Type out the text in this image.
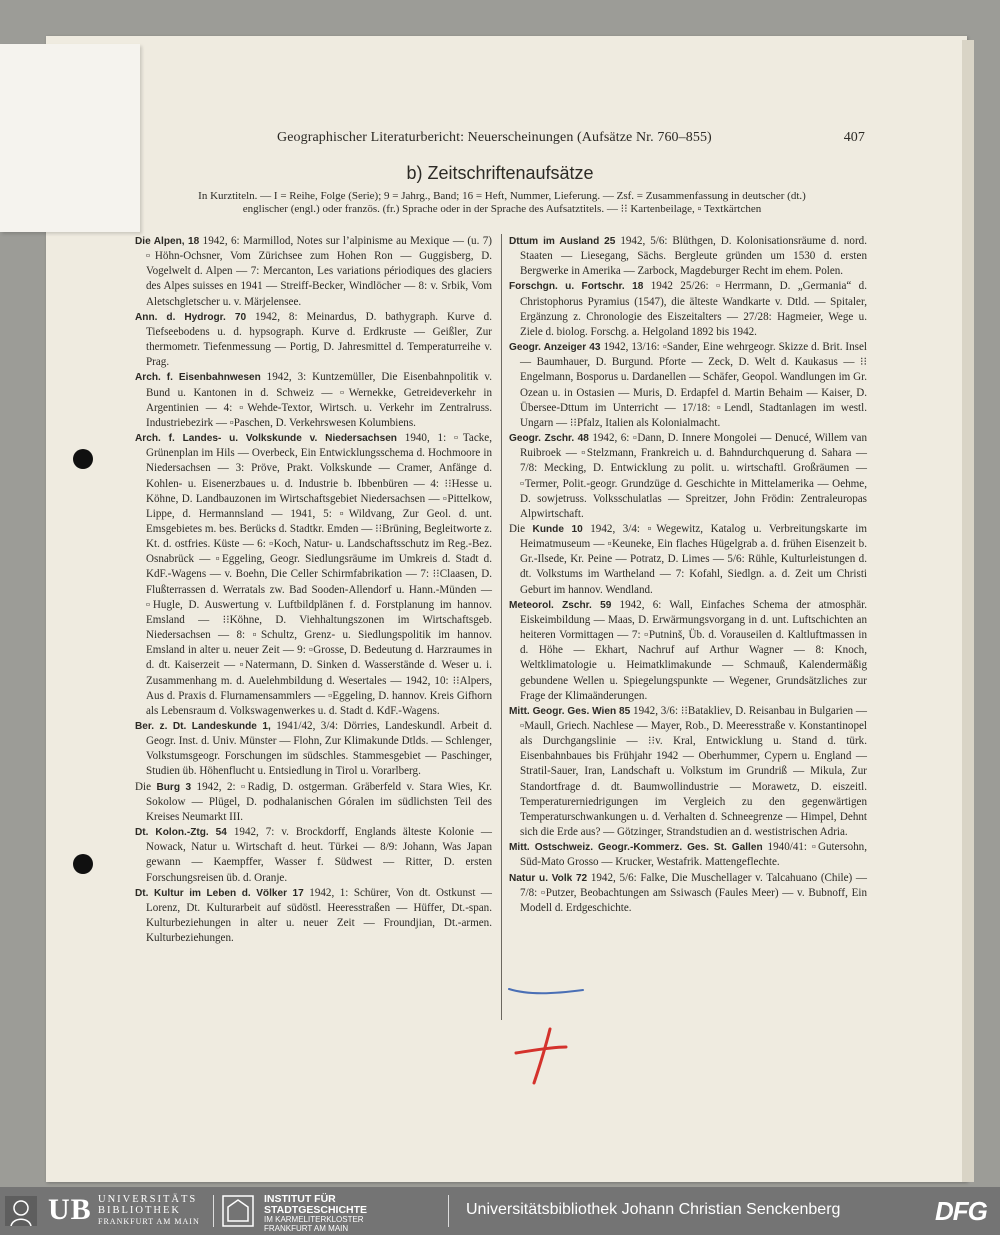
Geographischer Literaturbericht: Neuerscheinungen (Aufsätze Nr. 760–855)	407
b) Zeitschriftenaufsätze
In Kurztiteln. — I = Reihe, Folge (Serie); 9 = Jahrg., Band; 16 = Heft, Nummer, Lieferung. — Zsf. = Zusammenfassung in deutscher (dt.)
englischer (engl.) oder französ. (fr.) Sprache oder in der Sprache des Aufsatztitels. — ⁝⁝ Kartenbeilage, ▫ Textkärtchen

Die Alpen, 18 1942, 6: Marmillod, Notes sur l’alpinisme au Mexique — (u. 7) ▫Höhn-Ochsner, Vom Zürichsee zum Hohen Ron — Guggisberg, D. Vogelwelt d. Alpen — 7: Mercanton, Les variations périodiques des glaciers des Alpes suisses en 1941 — Streiff-Becker, Windlöcher — 8: v. Srbik, Vom Aletschgletscher u. v. Märjelensee.

Ann. d. Hydrogr. 70 1942, 8: Meinardus, D. bathygraph. Kurve d. Tiefseebodens u. d. hypsograph. Kurve d. Erdkruste — Geißler, Zur thermometr. Tiefenmessung — Portig, D. Jahresmittel d. Temperaturreihe v. Prag.

Arch. f. Eisenbahnwesen 1942, 3: Kuntzemüller, Die Eisenbahnpolitik v. Bund u. Kantonen in d. Schweiz — ▫Wernekke, Getreideverkehr in Argentinien — 4: ▫Wehde-Textor, Wirtsch. u. Verkehr im Zentralruss. Industriebezirk — ▫Paschen, D. Verkehrswesen Kolumbiens.

Arch. f. Landes- u. Volkskunde v. Niedersachsen 1940, 1: ▫Tacke, Grünenplan im Hils — Overbeck, Ein Entwicklungsschema d. Hochmoore in Niedersachsen — 3: Pröve, Prakt. Volkskunde — Cramer, Anfänge d. Kohlen- u. Eisenerzbaues u. d. Industrie b. Ibbenbüren — 4: ⁝⁝Hesse u. Köhne, D. Landbauzonen im Wirtschaftsgebiet Niedersachsen — ▫Pittelkow, Lippe, d. Hermannsland — 1941, 5: ▫Wildvang, Zur Geol. d. unt. Emsgebietes m. bes. Berücks d. Stadtkr. Emden — ⁝⁝Brüning, Begleitworte z. Kt. d. ostfries. Küste — 6: ▫Koch, Natur- u. Landschaftsschutz im Reg.-Bez. Osnabrück — ▫Eggeling, Geogr. Siedlungsräume im Umkreis d. Stadt d. KdF.-Wagens — v. Boehn, Die Celler Schirmfabrikation — 7: ⁝⁝Claasen, D. Flußterrassen d. Werratals zw. Bad Sooden-Allendorf u. Hann.-Münden — ▫Hugle, D. Auswertung v. Luftbildplänen f. d. Forstplanung im hannov. Emsland — ⁝⁝Köhne, D. Viehhaltungszonen im Wirtschaftsgeb. Niedersachsen — 8: ▫Schultz, Grenz- u. Siedlungspolitik im hannov. Emsland in alter u. neuer Zeit — 9: ▫Grosse, D. Bedeutung d. Harzraumes in d. dt. Kaiserzeit — ▫Natermann, D. Sinken d. Wasserstände d. Weser u. i. Zusammenhang m. d. Auelehmbildung d. Wesertales — 1942, 10: ⁝⁝Alpers, Aus d. Praxis d. Flurnamensammlers — ▫Eggeling, D. hannov. Kreis Gifhorn als Lebensraum d. Volkswagenwerkes u. d. Stadt d. KdF.-Wagens.

Ber. z. Dt. Landeskunde 1, 1941/42, 3/4: Dörries, Landeskundl. Arbeit d. Geogr. Inst. d. Univ. Münster — Flohn, Zur Klimakunde Dtlds. — Schlenger, Volkstumsgeogr. Forschungen im südschles. Stammesgebiet — Paschinger, Studien üb. Höhenflucht u. Entsiedlung in Tirol u. Vorarlberg.

Die Burg 3 1942, 2: ▫Radig, D. ostgerman. Gräberfeld v. Stara Wies, Kr. Sokolow — Plügel, D. podhalanischen Góralen im südlichsten Teil des Kreises Neumarkt III.

Dt. Kolon.-Ztg. 54 1942, 7: v. Brockdorff, Englands älteste Kolonie — Nowack, Natur u. Wirtschaft d. heut. Türkei — 8/9: Johann, Was Japan gewann — Kaempffer, Wasser f. Südwest — Ritter, D. ersten Forschungsreisen üb. d. Oranje.

Dt. Kultur im Leben d. Völker 17 1942, 1: Schürer, Von dt. Ostkunst — Lorenz, Dt. Kulturarbeit auf südöstl. Heeresstraßen — Hüffer, Dt.-span. Kulturbeziehungen in alter u. neuer Zeit — Froundjian, Dt.-armen. Kulturbeziehungen.

Dttum im Ausland 25 1942, 5/6: Blüthgen, D. Kolonisationsräume d. nord. Staaten — Liesegang, Sächs. Bergleute gründen um 1530 d. ersten Bergwerke in Amerika — Zarbock, Magdeburger Recht im ehem. Polen.

Forschgn. u. Fortschr. 18 1942 25/26: ▫Herrmann, D. „Germania“ d. Christophorus Pyramius (1547), die älteste Wandkarte v. Dtld. — Spitaler, Ergänzung z. Chronologie des Eiszeitalters — 27/28: Hagmeier, Wege u. Ziele d. biolog. Forschg. a. Helgoland 1892 bis 1942.

Geogr. Anzeiger 43 1942, 13/16: ▫Sander, Eine wehrgeogr. Skizze d. Brit. Insel — Baumhauer, D. Burgund. Pforte — Zeck, D. Welt d. Kaukasus — ⁝⁝Engelmann, Bosporus u. Dardanellen — Schäfer, Geopol. Wandlungen im Gr. Ozean u. in Ostasien — Muris, D. Erdapfel d. Martin Behaim — Kaiser, D. Übersee-Dttum im Unterricht — 17/18: ▫Lendl, Stadtanlagen im westl. Ungarn — ⁝⁝Pfalz, Italien als Kolonialmacht.

Geogr. Zschr. 48 1942, 6: ▫Dann, D. Innere Mongolei — Denucé, Willem van Ruibroek — ▫Stelzmann, Frankreich u. d. Bahndurchquerung d. Sahara — 7/8: Mecking, D. Entwicklung zu polit. u. wirtschaftl. Großräumen — ▫Termer, Polit.-geogr. Grundzüge d. Geschichte in Mittelamerika — Oehme, D. sowjetruss. Volksschulatlas — Spreitzer, John Frödin: Zentraleuropas Alpwirtschaft.

Die Kunde 10 1942, 3/4: ▫Wegewitz, Katalog u. Verbreitungskarte im Heimatmuseum — ▫Keuneke, Ein flaches Hügelgrab a. d. frühen Eisenzeit b. Gr.-Ilsede, Kr. Peine — Potratz, D. Limes — 5/6: Rühle, Kulturleistungen d. dt. Volkstums im Wartheland — 7: Kofahl, Siedlgn. a. d. Zeit um Christi Geburt im hannov. Wendland.

Meteorol. Zschr. 59 1942, 6: Wall, Einfaches Schema der atmosphär. Eiskeimbildung — Maas, D. Erwärmungsvorgang in d. unt. Luftschichten an heiteren Vormittagen — 7: ▫Putninš, Üb. d. Vorauseilen d. Kaltluftmassen in d. Höhe — Ekhart, Nachruf auf Arthur Wagner — 8: Knoch, Weltklimatologie u. Heimatklimakunde — Schmauß, Kalendermäßig gebundene Wellen u. Spiegelungspunkte — Wegener, Grundsätzliches zur Frage der Klimaänderungen.

Mitt. Geogr. Ges. Wien 85 1942, 3/6: ⁝⁝Batakliev, D. Reisanbau in Bulgarien — ▫Maull, Griech. Nachlese — Mayer, Rob., D. Meeresstraße v. Konstantinopel als Durchgangslinie — ⁝⁝v. Kral, Entwicklung u. Stand d. türk. Eisenbahnbaues bis Frühjahr 1942 — Oberhummer, Cypern u. England — Stratil-Sauer, Iran, Landschaft u. Volkstum im Grundriß — Mikula, Zur Standortfrage d. dt. Baumwollindustrie — Morawetz, D. eiszeitl. Temperaturerniedrigungen im Vergleich zu den gegenwärtigen Temperaturschwankungen u. d. Verhalten d. Schneegrenze — Himpel, Dehnt sich die Erde aus? — Götzinger, Strandstudien an d. westistrischen Adria.

Mitt. Ostschweiz. Geogr.-Kommerz. Ges. St. Gallen 1940/41: ▫Gutersohn, Süd-Mato Grosso — Krucker, Westafrik. Mattengeflechte.

Natur u. Volk 72 1942, 5/6: Falke, Die Muschellager v. Talcahuano (Chile) — 7/8: ▫Putzer, Beobachtungen am Ssiwasch (Faules Meer) — v. Bubnoff, Ein Modell d. Erdgeschichte.

UB UNIVERSITÄTS
BIBLIOTHEK
FRANKFURT AM MAIN
INSTITUT FÜR
STADTGESCHICHTE
IM KARMELITERKLOSTER
FRANKFURT AM MAIN
Universitätsbibliothek Johann Christian Senckenberg	DFG
